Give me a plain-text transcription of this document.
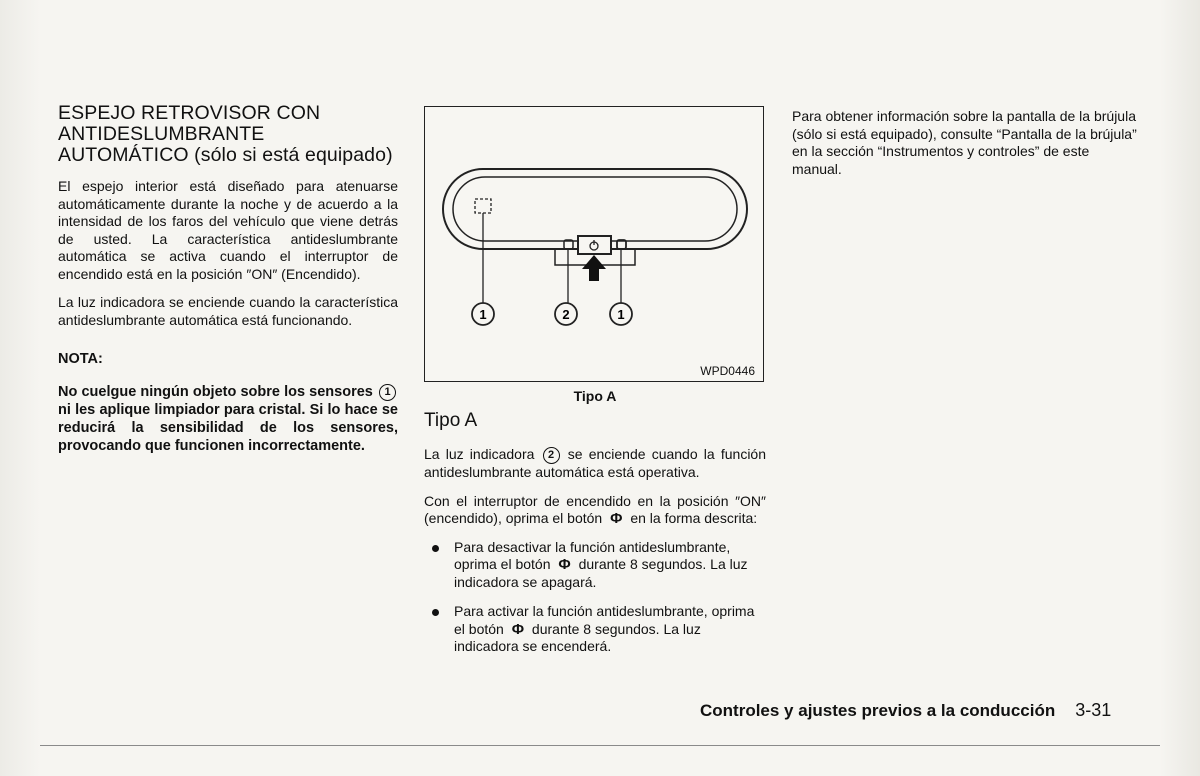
ESPEJO RETROVISOR CON
ANTIDESLUMBRANTE
AUTOMÁTICO (sólo si está equipado)

El espejo interior está diseñado para atenuarse automáticamente durante la noche y de acuerdo a la intensidad de los faros del vehículo que viene detrás de usted. La característica antideslumbrante automática se activa cuando el interruptor de encendido está en la posición ″ON″ (Encendido).

La luz indicadora se enciende cuando la característica antideslumbrante automática está funcionando.

NOTA:

No cuelgue ningún objeto sobre los sensores 1 ni les aplique limpiador para cristal. Si lo hace se reducirá la sensibilidad de los sensores, provocando que funcionen incorrectamente.

1	2	1
WPD0446
Tipo A
Tipo A

La luz indicadora 2 se enciende cuando la función antideslumbrante automática está operativa.

Con el interruptor de encendido en la posición ″ON″ (encendido), oprima el botón Φ en la forma descrita:

Para desactivar la función antideslumbrante, oprima el botón Φ durante 8 segundos. La luz indicadora se apagará.
Para activar la función antideslumbrante, oprima el botón Φ durante 8 segundos. La luz indicadora se encenderá.

Para obtener información sobre la pantalla de la brújula (sólo si está equipado), consulte “Pantalla de la brújula” en la sección “Instrumentos y controles” de este manual.

Controles y ajustes previos a la conducción 3-31
